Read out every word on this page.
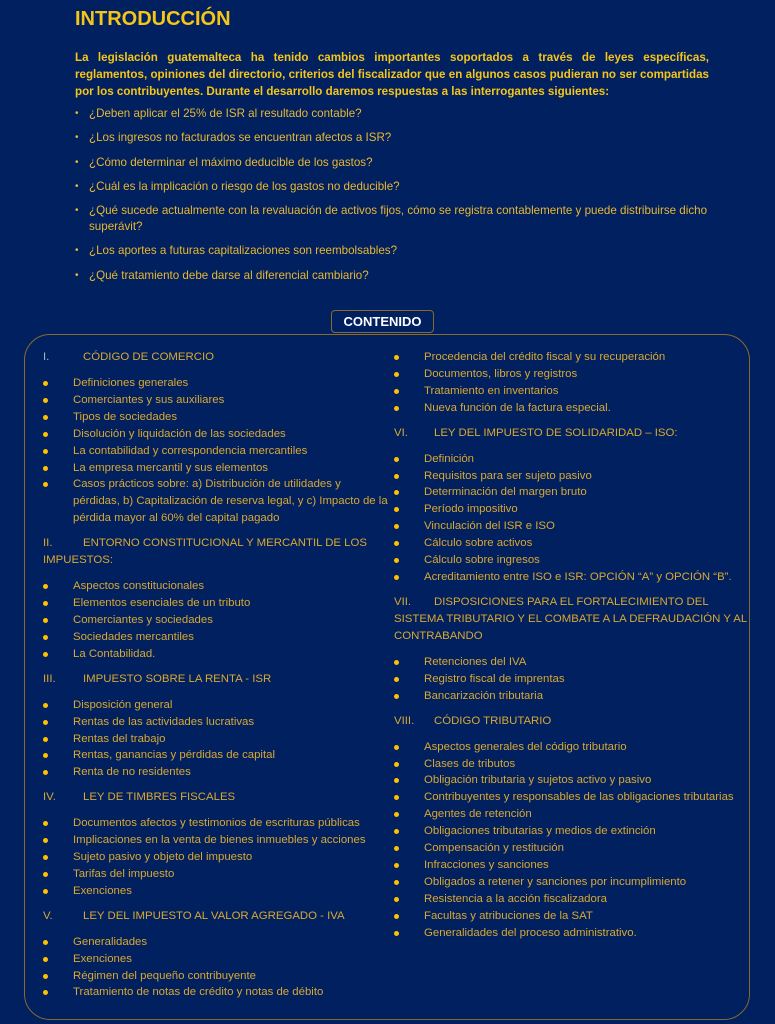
INTRODUCCIÓN
La legislación guatemalteca ha tenido cambios importantes soportados a través de leyes específicas, reglamentos, opiniones del directorio, criterios del fiscalizador que en algunos casos pudieran no ser compartidas por los contribuyentes. Durante el desarrollo daremos respuestas a las interrogantes siguientes:
• ¿Deben aplicar el 25% de ISR al resultado contable?
• ¿Los ingresos no facturados se encuentran afectos a ISR?
• ¿Cómo determinar el máximo deducible de los gastos?
• ¿Cuál es la implicación o riesgo de los gastos no deducible?
• ¿Qué sucede actualmente con la revaluación de activos fijos, cómo se registra contablemente y puede distribuirse dicho superávit?
• ¿Los aportes a futuras capitalizaciones son reembolsables?
• ¿Qué tratamiento debe darse al diferencial cambiario?
CONTENIDO
I.	CÓDIGO DE COMERCIO
Definiciones generales
Comerciantes y sus auxiliares
Tipos de sociedades
Disolución y liquidación de las sociedades
La contabilidad y correspondencia mercantiles
La empresa mercantil y sus elementos
Casos prácticos sobre: a) Distribución de utilidades y pérdidas, b) Capitalización de reserva legal, y c) Impacto de la pérdida mayor al 60% del capital pagado
II.	ENTORNO CONSTITUCIONAL Y MERCANTIL DE LOS IMPUESTOS:
Aspectos constitucionales
Elementos esenciales de un tributo
Comerciantes y sociedades
Sociedades mercantiles
La Contabilidad.
III. IMPUESTO SOBRE LA RENTA - ISR
Disposición general
Rentas de las actividades lucrativas
Rentas del trabajo
Rentas, ganancias y pérdidas de capital
Renta de no residentes
IV. LEY DE TIMBRES FISCALES
Documentos afectos y testimonios de escrituras públicas
Implicaciones en la venta de bienes inmuebles y acciones
Sujeto pasivo y objeto del impuesto
Tarifas del impuesto
Exenciones
V.	LEY DEL IMPUESTO AL VALOR AGREGADO - IVA
Generalidades
Exenciones
Régimen del pequeño contribuyente
Tratamiento de notas de crédito y notas de débito
Procedencia del crédito fiscal y su recuperación
Documentos, libros y registros
Tratamiento en inventarios
Nueva función de la factura especial.
VI. LEY DEL IMPUESTO DE SOLIDARIDAD – ISO:
Definición
Requisitos para ser sujeto pasivo
Determinación del margen bruto
Período impositivo
Vinculación del ISR e ISO
Cálculo sobre activos
Cálculo sobre ingresos
Acreditamiento entre ISO e ISR: OPCIÓN “A” y OPCIÓN “B”.
VII. DISPOSICIONES PARA EL FORTALECIMIENTO DEL SISTEMA TRIBUTARIO Y EL COMBATE A LA DEFRAUDACIÓN Y AL CONTRABANDO
Retenciones del IVA
Registro fiscal de imprentas
Bancarización tributaria
VIII. CÓDIGO TRIBUTARIO
Aspectos generales del código tributario
Clases de tributos
Obligación tributaria y sujetos activo y pasivo
Contribuyentes y responsables de las obligaciones tributarias
Agentes de retención
Obligaciones tributarias y medios de extinción
Compensación y restitución
Infracciones y sanciones
Obligados a retener y sanciones por incumplimiento
Resistencia a la acción fiscalizadora
Facultas y atribuciones de la SAT
Generalidades del proceso administrativo.
